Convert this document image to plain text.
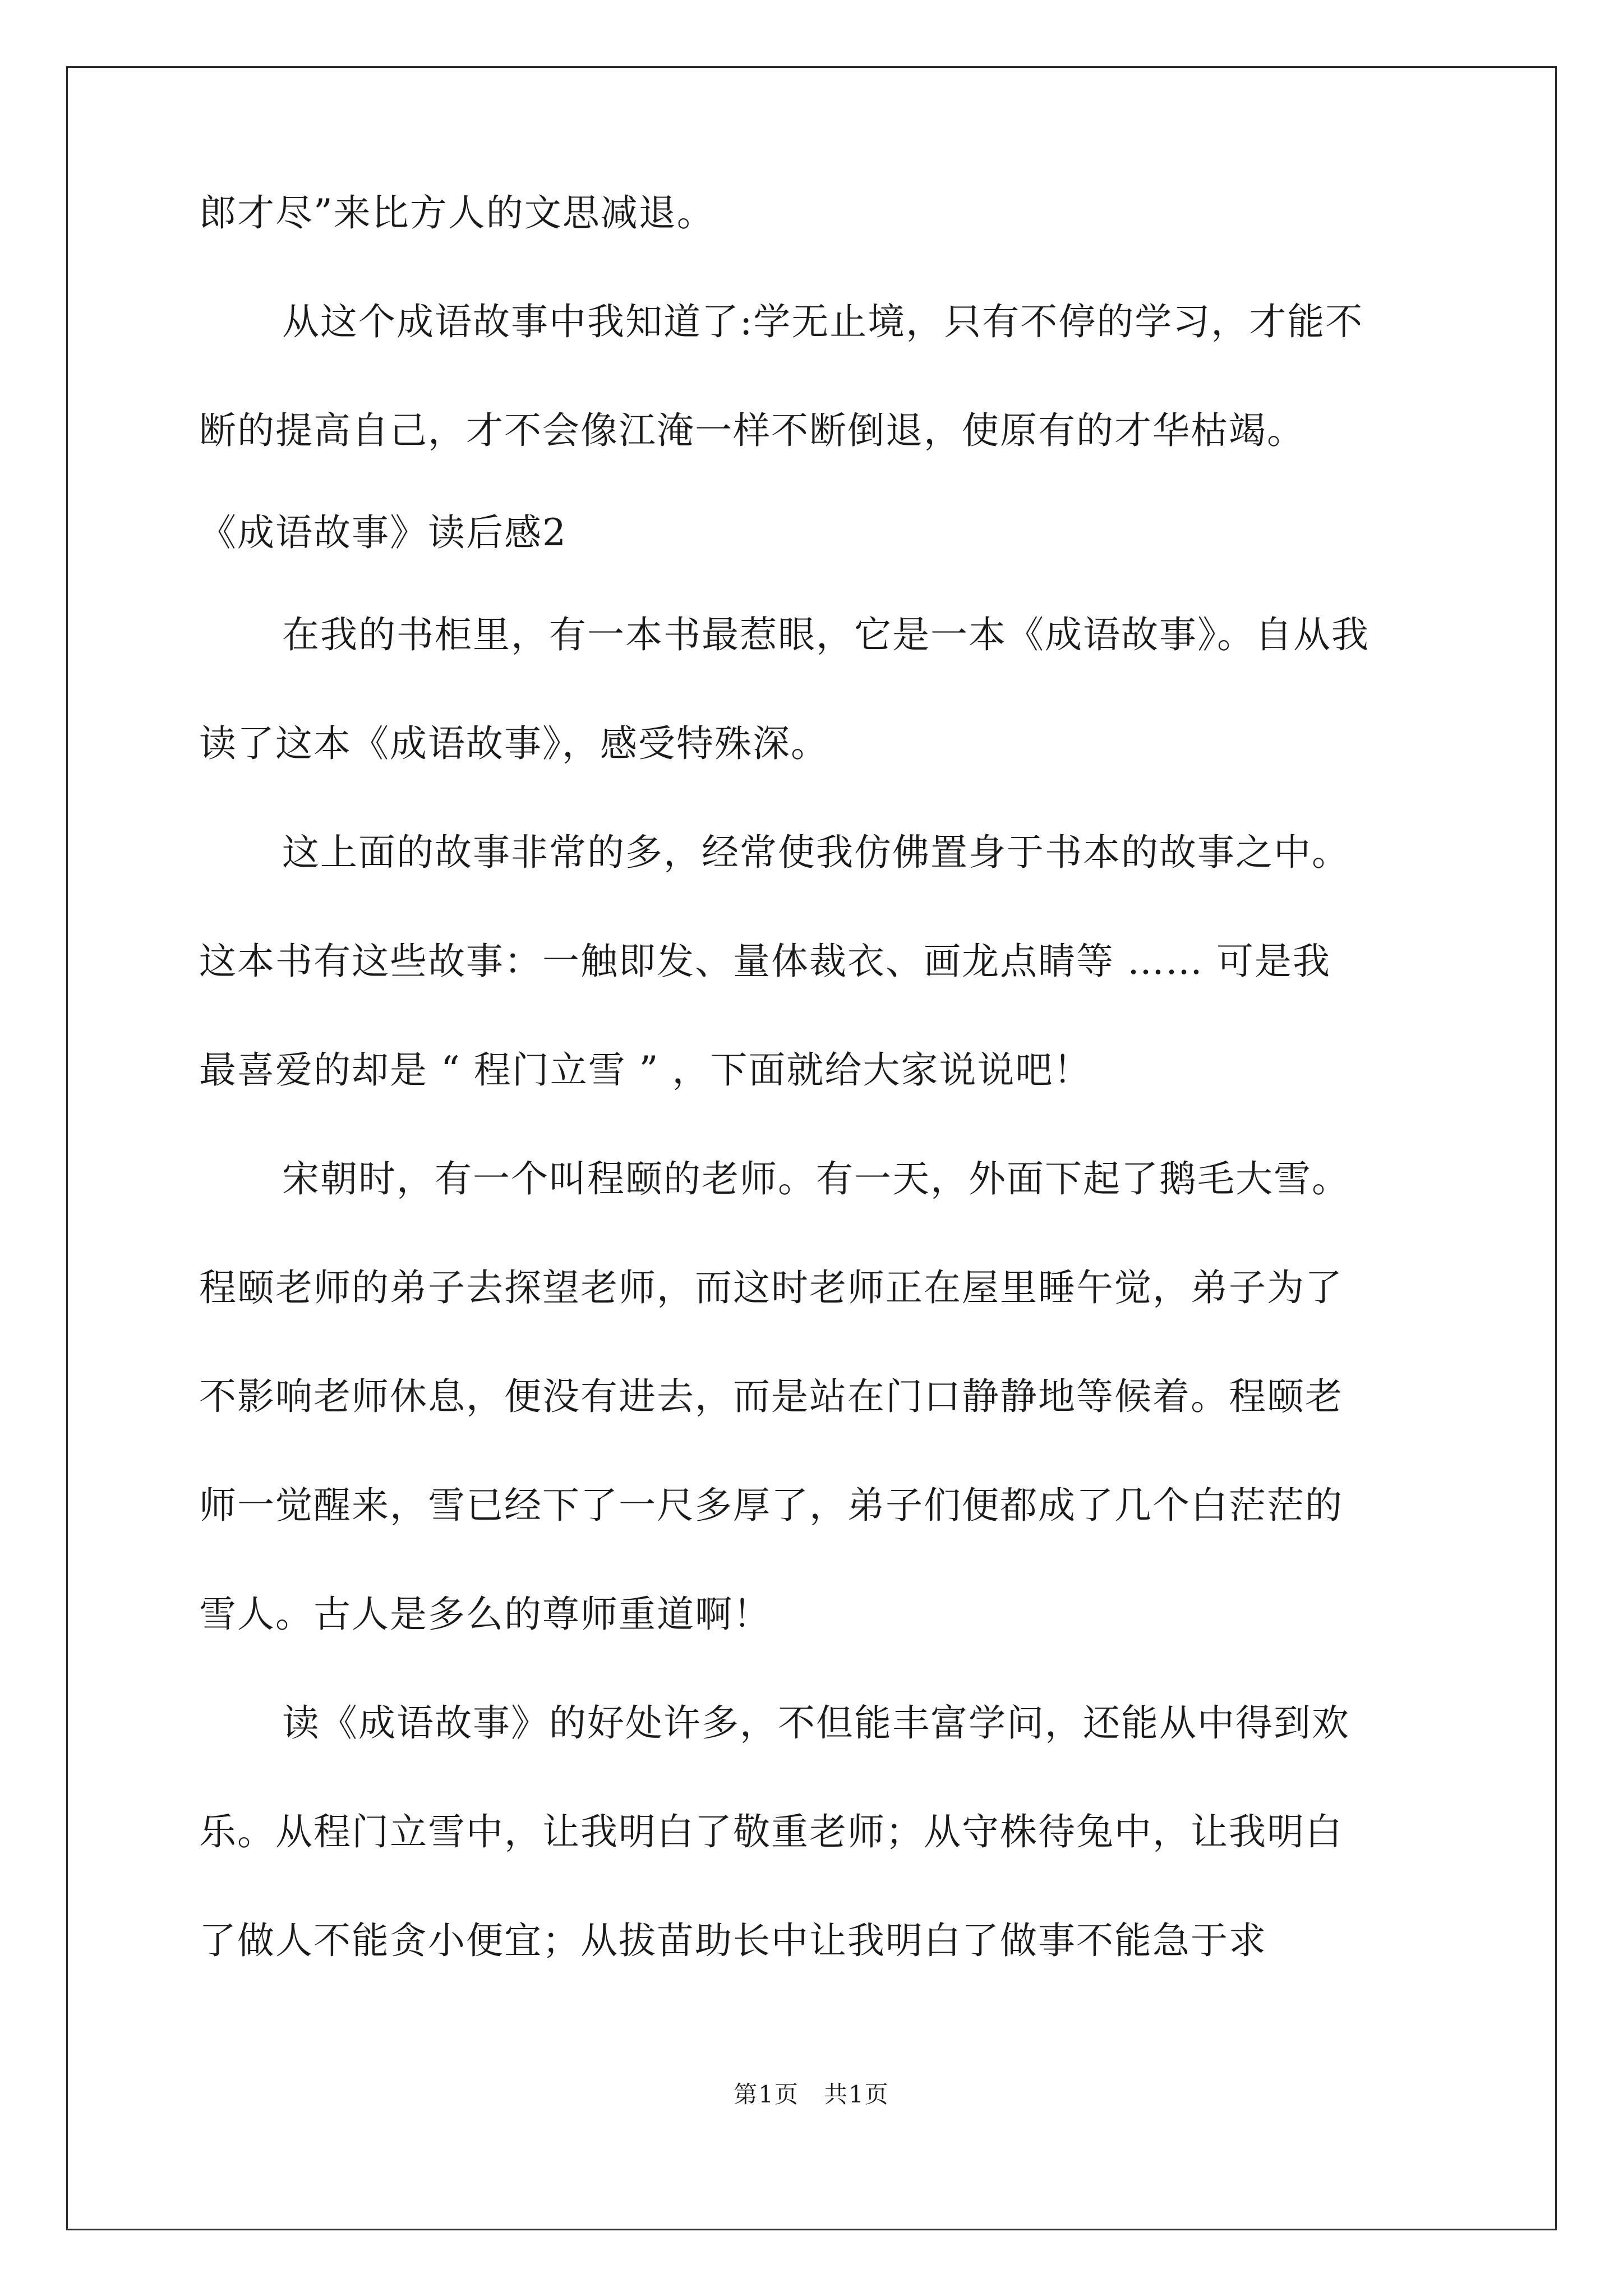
郎才尽”来比方人的文思减退。
从这个成语故事中我知道了:学无止境，只有不停的学习，才能不
断的提高自己，才不会像江淹一样不断倒退，使原有的才华枯竭。
《成语故事》读后感2
在我的书柜里，有一本书最惹眼，它是一本《成语故事》。自从我
读了这本《成语故事》，感受特殊深。
这上面的故事非常的多，经常使我仿佛置身于书本的故事之中。
这本书有这些故事：一触即发、量体裁衣、画龙点睛等 …… 可是我
最喜爱的却是 “ 程门立雪 ” ，下面就给大家说说吧！
宋朝时，有一个叫程颐的老师。有一天，外面下起了鹅毛大雪。
程颐老师的弟子去探望老师，而这时老师正在屋里睡午觉，弟子为了
不影响老师休息，便没有进去，而是站在门口静静地等候着。程颐老
师一觉醒来，雪已经下了一尺多厚了，弟子们便都成了几个白茫茫的
雪人。古人是多么的尊师重道啊！
读《成语故事》的好处许多，不但能丰富学问，还能从中得到欢
乐。从程门立雪中，让我明白了敬重老师；从守株待兔中，让我明白
了做人不能贪小便宜；从拔苗助长中让我明白了做事不能急于求
第1页　共1页
